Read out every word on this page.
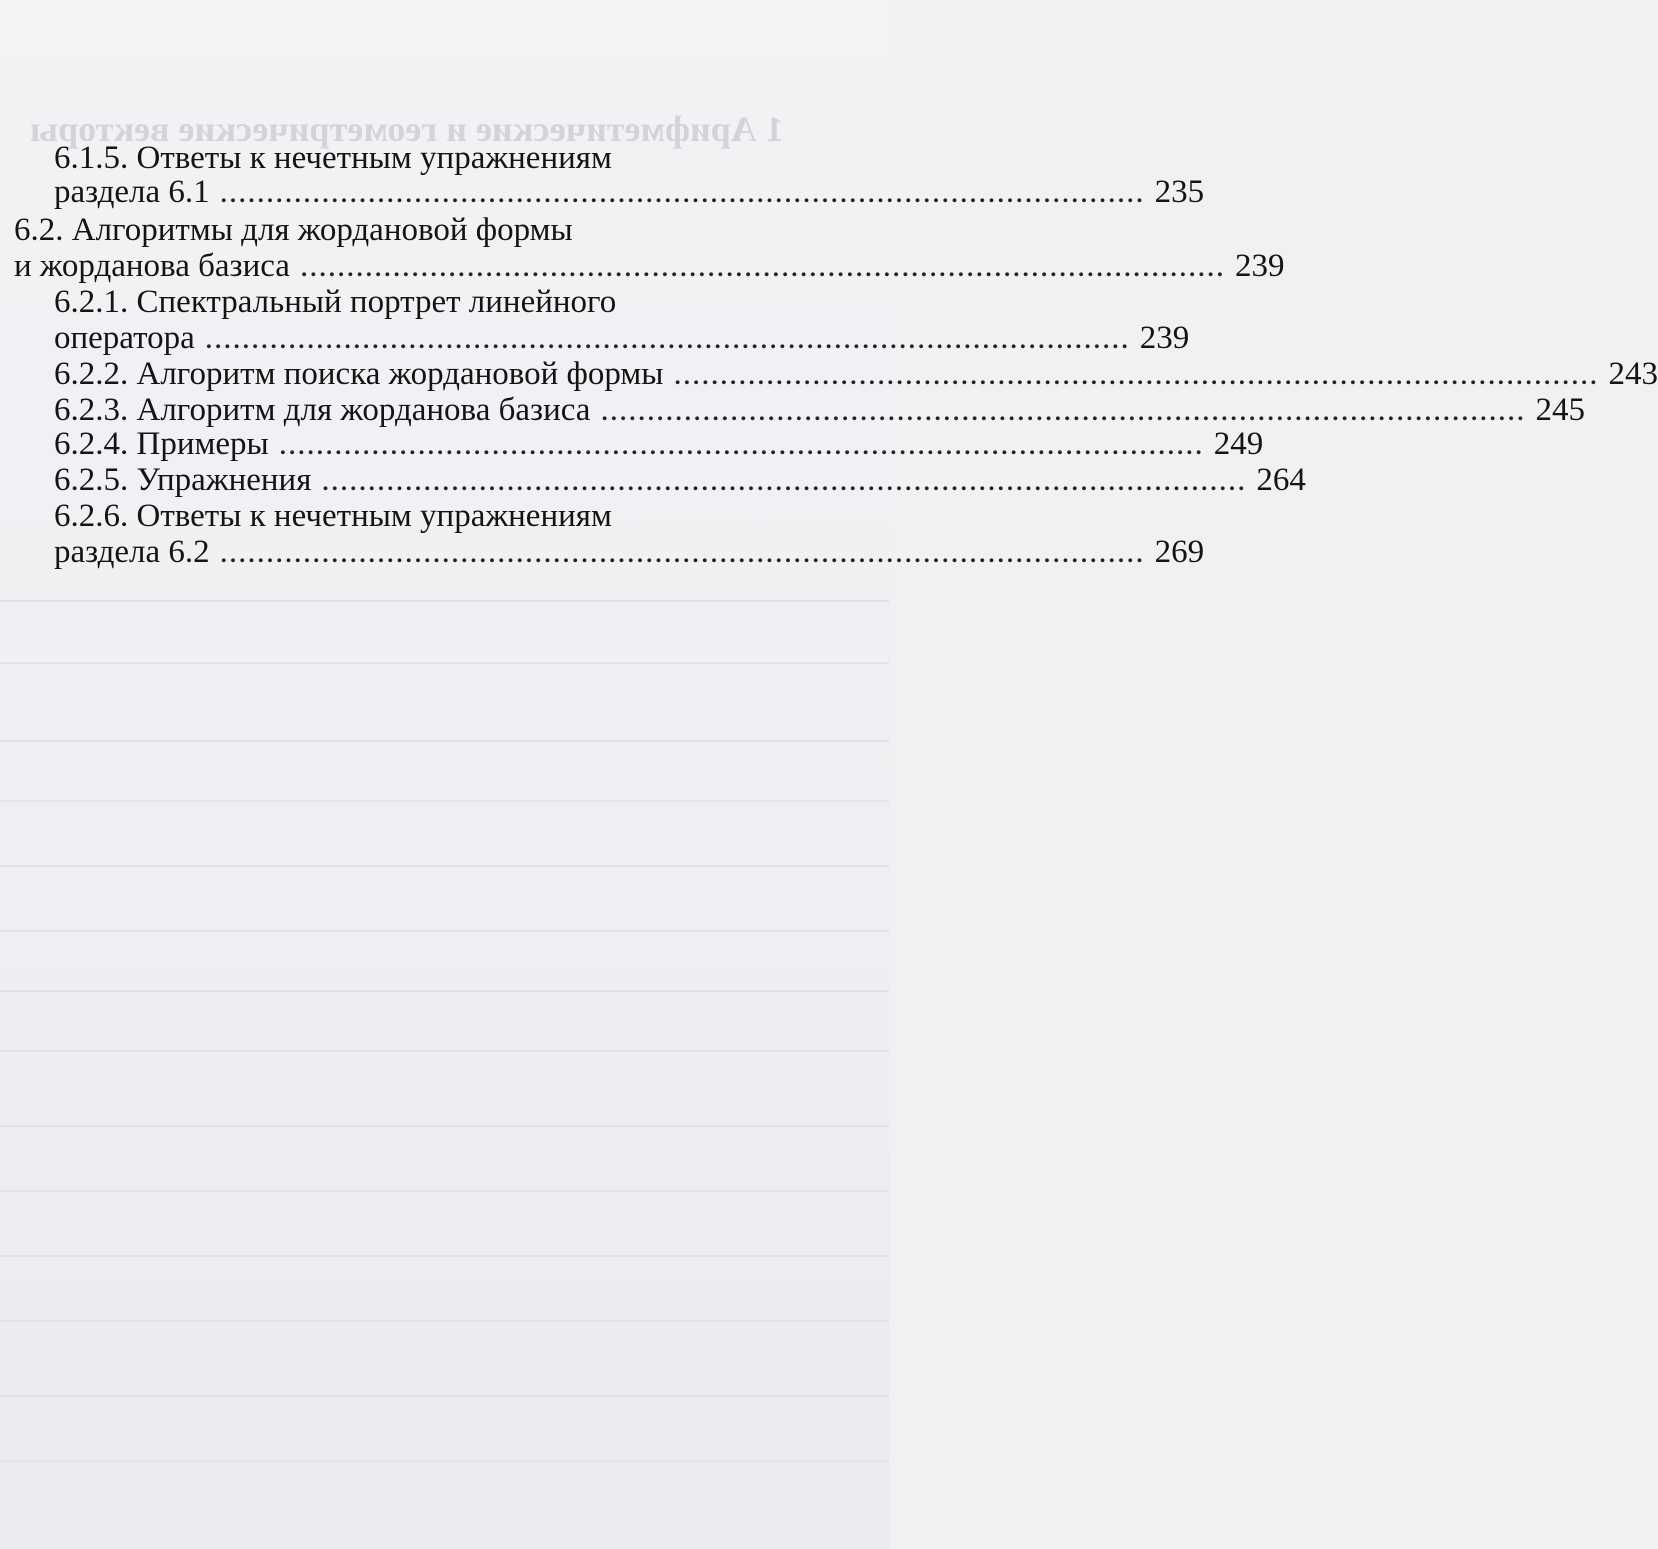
1 Арифметические и геометрические векторы
6.1.5. Ответы к нечетным упражнениям
раздела 6.1 .................................................................................................... 235
6.2. Алгоритмы для жордановой формы
и жорданова базиса .................................................................................................... 239
6.2.1. Спектральный портрет линейного
оператора .................................................................................................... 239
6.2.2. Алгоритм поиска жордановой формы .................................................................................................... 243
6.2.3. Алгоритм для жорданова базиса .................................................................................................... 245
6.2.4. Примеры .................................................................................................... 249
6.2.5. Упражнения .................................................................................................... 264
6.2.6. Ответы к нечетным упражнениям
раздела 6.2 .................................................................................................... 269
